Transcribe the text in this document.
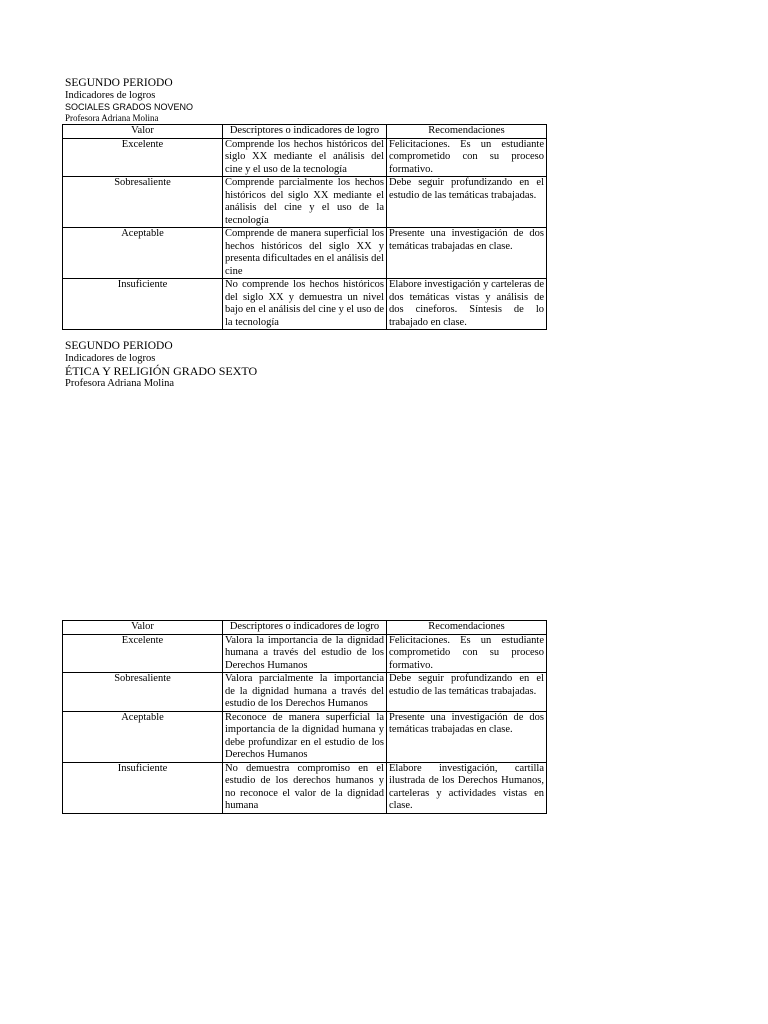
SEGUNDO PERIODO
Indicadores de logros
SOCIALES GRADOS NOVENO
Profesora Adriana Molina
Valor	Descriptores o indicadores de logro	Recomendaciones
Excelente	Comprende los hechos históricos del siglo XX mediante el análisis del cine y el uso de la tecnología	Felicitaciones. Es un estudiante comprometido con su proceso formativo.
Sobresaliente	Comprende parcialmente los hechos históricos del siglo XX mediante el análisis del cine y el uso de la tecnología	Debe seguir profundizando en el estudio de las temáticas trabajadas.
Aceptable	Comprende de manera superficial los hechos históricos del siglo XX y presenta dificultades en el análisis del cine	Presente una investigación de dos temáticas trabajadas en clase.
Insuficiente	No comprende los hechos históricos del siglo XX y demuestra un nivel bajo en el análisis del cine y el uso de la tecnología	Elabore investigación y carteleras de dos temáticas vistas y análisis de dos cineforos. Síntesis de lo trabajado en clase.
SEGUNDO PERIODO
Indicadores de logros
ÉTICA Y RELIGIÓN GRADO SEXTO
Profesora Adriana Molina
Valor	Descriptores o indicadores de logro	Recomendaciones
Excelente	Valora la importancia de la dignidad humana a través del estudio de los Derechos Humanos	Felicitaciones. Es un estudiante comprometido con su proceso formativo.
Sobresaliente	Valora parcialmente la importancia de la dignidad humana a través del estudio de los Derechos Humanos	Debe seguir profundizando en el estudio de las temáticas trabajadas.
Aceptable	Reconoce de manera superficial la importancia de la dignidad humana y debe profundizar en el estudio de los Derechos Humanos	Presente una investigación de dos temáticas trabajadas en clase.
Insuficiente	No demuestra compromiso en el estudio de los derechos humanos y no reconoce el valor de la dignidad humana	Elabore investigación, cartilla ilustrada de los Derechos Humanos, carteleras y actividades vistas en clase.
